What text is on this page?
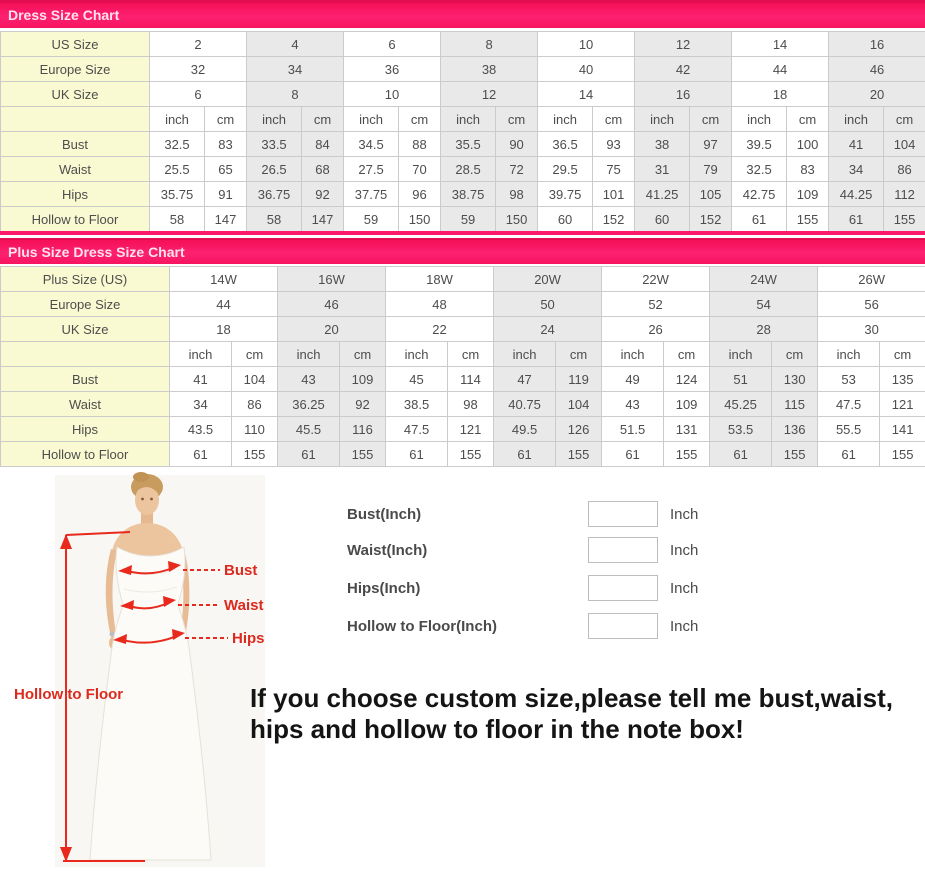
Dress Size Chart
US Size	2		4		6		8		10		12		14		16	
Europe Size	32		34		36		38		40		42		44		46	
UK Size	6		8		10		12		14		16		18		20	
	inch	cm	inch	cm	inch	cm	inch	cm	inch	cm	inch	cm	inch	cm	inch	cm
Bust	32.5	83	33.5	84	34.5	88	35.5	90	36.5	93	38	97	39.5	100	41	104
Waist	25.5	65	26.5	68	27.5	70	28.5	72	29.5	75	31	79	32.5	83	34	86
Hips	35.75	91	36.75	92	37.75	96	38.75	98	39.75	101	41.25	105	42.75	109	44.25	112
Hollow to Floor	58	147	58	147	59	150	59	150	60	152	60	152	61	155	61	155
Plus Size Dress Size Chart
Plus Size (US)	14W		16W		18W		20W		22W		24W		26W	
Europe Size	44		46		48		50		52		54		56	
UK Size	18		20		22		24		26		28		30	
	inch	cm	inch	cm	inch	cm	inch	cm	inch	cm	inch	cm	inch	cm
Bust	41	104	43	109	45	114	47	119	49	124	51	130	53	135
Waist	34	86	36.25	92	38.5	98	40.75	104	43	109	45.25	115	47.5	121
Hips	43.5	110	45.5	116	47.5	121	49.5	126	51.5	131	53.5	136	55.5	141
Hollow to Floor	61	155	61	155	61	155	61	155	61	155	61	155	61	155
Bust
Waist
Hips
Hollow to Floor
Bust(Inch)	Inch
Waist(Inch)	Inch
Hips(Inch)	Inch
Hollow to Floor(Inch)	Inch
If you choose custom size,please tell me bust,waist,
hips and hollow to floor in the note box!
